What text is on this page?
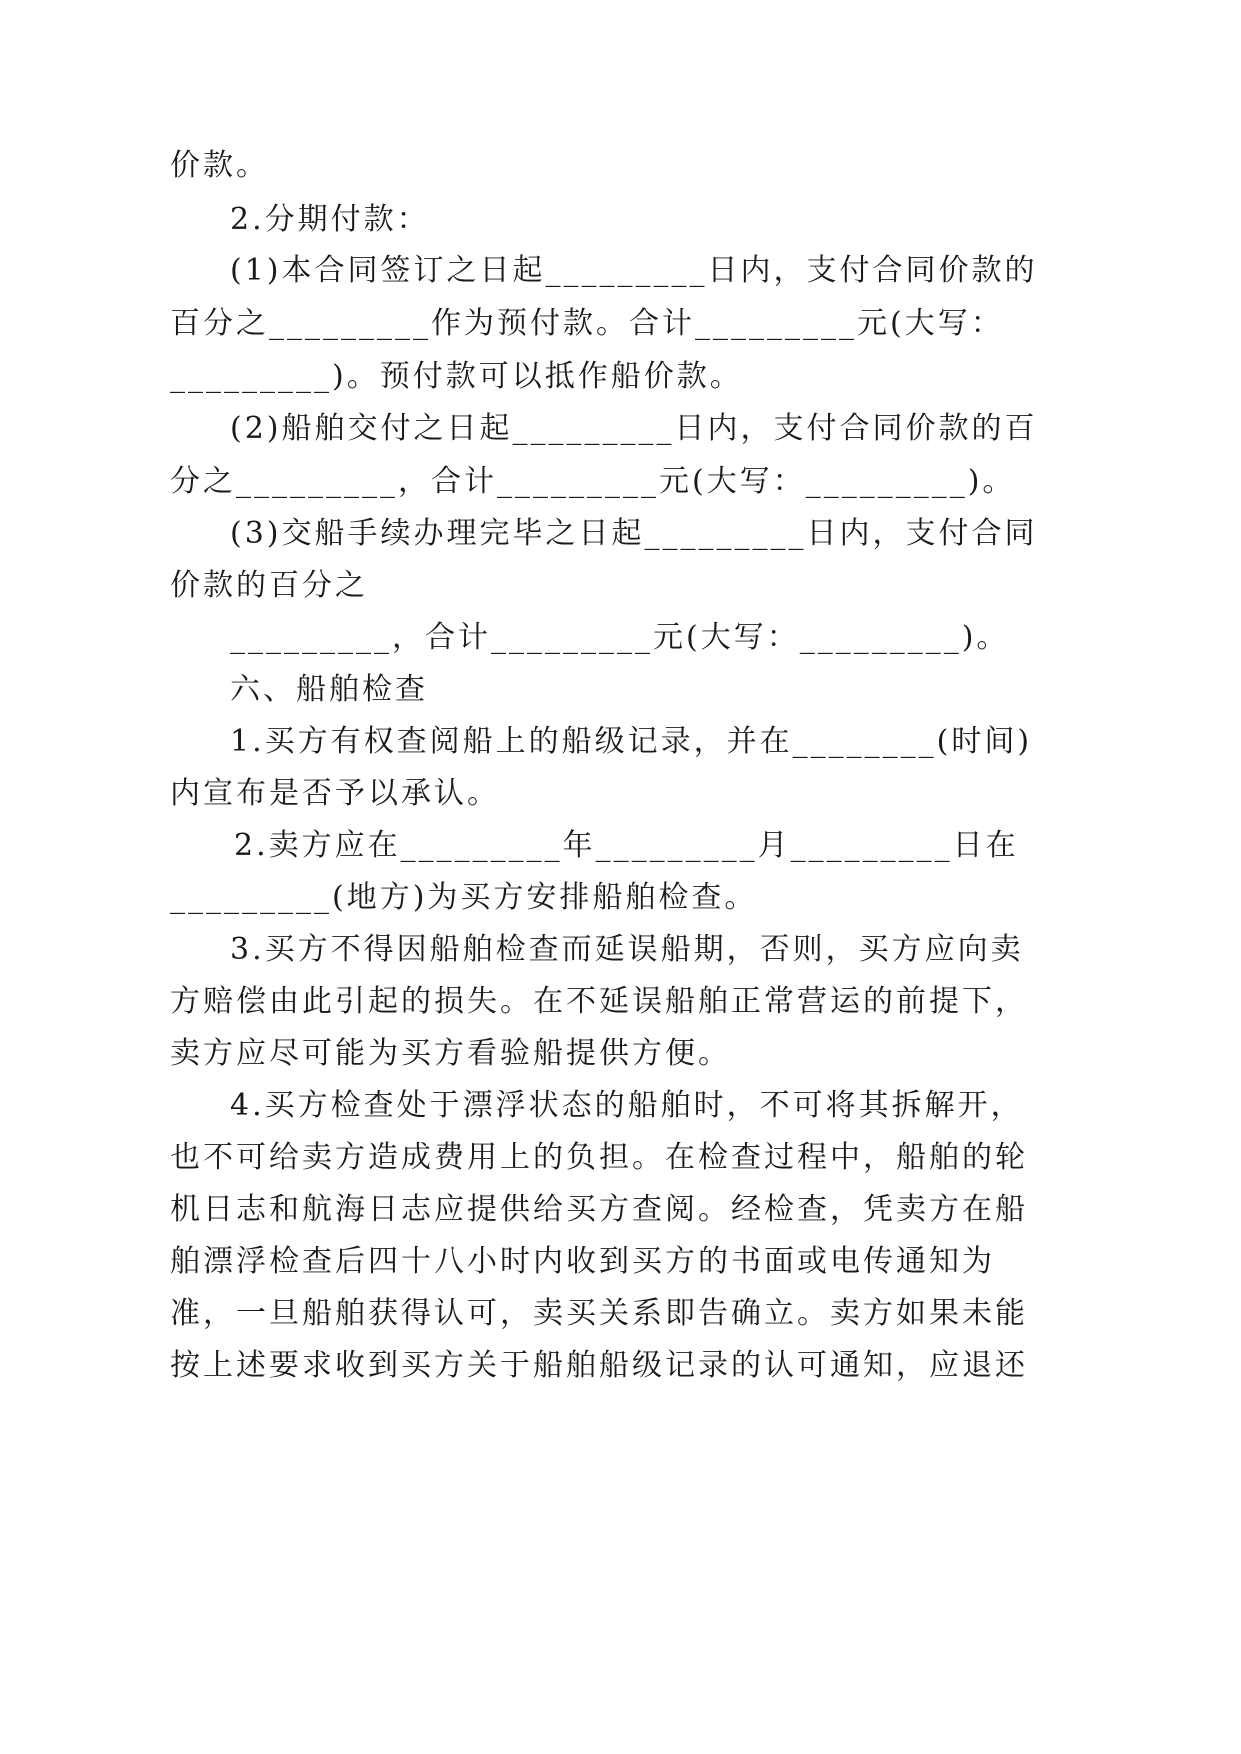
价款。
2.分期付款：
(1)本合同签订之日起_________日内，支付合同价款的
百分之_________作为预付款。合计_________元(大写：
_________)。预付款可以抵作船价款。
(2)船舶交付之日起_________日内，支付合同价款的百
分之_________，合计_________元(大写：_________)。
(3)交船手续办理完毕之日起_________日内，支付合同
价款的百分之
_________，合计_________元(大写：_________)。
六、船舶检查
1.买方有权查阅船上的船级记录，并在________(时间)
内宣布是否予以承认。
2.卖方应在_________年_________月_________日在
_________(地方)为买方安排船舶检查。
3.买方不得因船舶检查而延误船期，否则，买方应向卖
方赔偿由此引起的损失。在不延误船舶正常营运的前提下，
卖方应尽可能为买方看验船提供方便。
4.买方检查处于漂浮状态的船舶时，不可将其拆解开，
也不可给卖方造成费用上的负担。在检查过程中，船舶的轮
机日志和航海日志应提供给买方查阅。经检查，凭卖方在船
舶漂浮检查后四十八小时内收到买方的书面或电传通知为
准，一旦船舶获得认可，卖买关系即告确立。卖方如果未能
按上述要求收到买方关于船舶船级记录的认可通知，应退还
